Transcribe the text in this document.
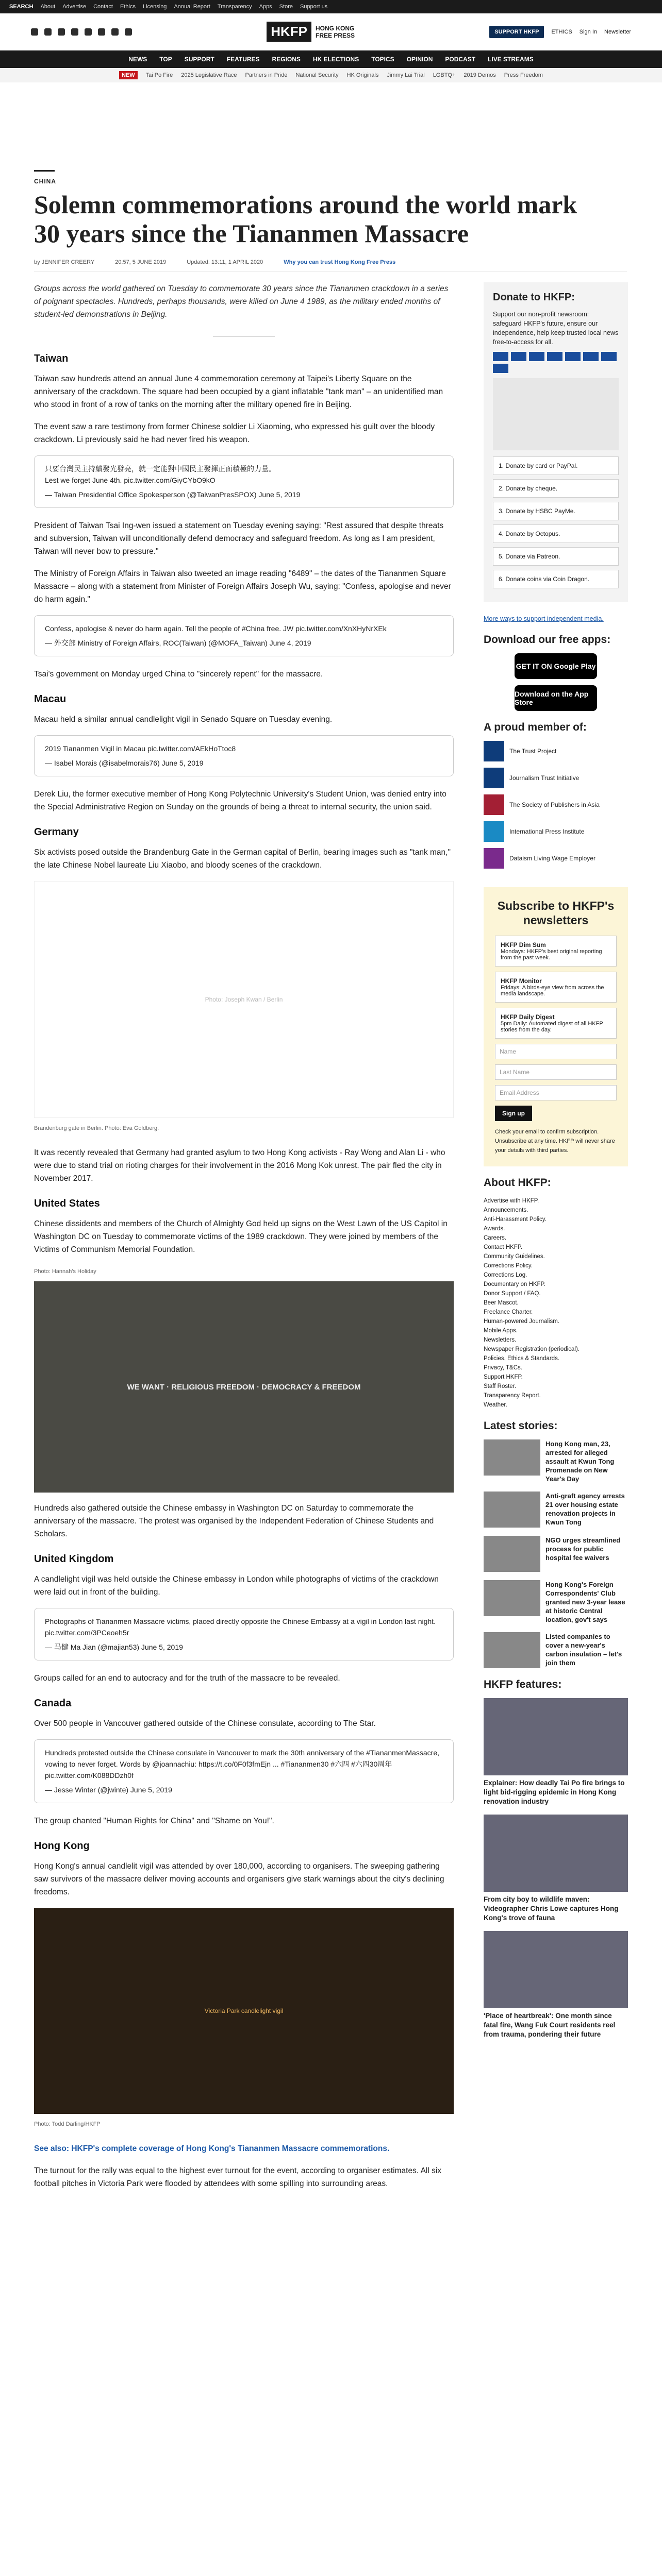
SEARCH About Advertise Contact Ethics Licensing Annual Report Transparency Apps Store Support us
HKFP	HONG KONG
FREE PRESS	SUPPORT HKFP	ETHICS Sign In Newsletter
NEWS TOP SUPPORT FEATURES REGIONS HK ELECTIONS TOPICS OPINION PODCAST LIVE STREAMS
NEW	Tai Po Fire 2025 Legislative Race Partners in Pride National Security HK Originals Jimmy Lai Trial LGBTQ+ 2019 Demos Press Freedom
CHINA
Solemn commemorations around the world mark 30 years since the Tiananmen Massacre
by JENNIFER CREERY	20:57, 5 JUNE 2019	Updated: 13:11, 1 APRIL 2020	Why you can trust Hong Kong Free Press

Groups across the world gathered on Tuesday to commemorate 30 years since the Tiananmen crackdown in a series of poignant spectacles. Hundreds, perhaps thousands, were killed on June 4 1989, as the military ended months of student-led demonstrations in Beijing.

Taiwan

Taiwan saw hundreds attend an annual June 4 commemoration ceremony at Taipei's Liberty Square on the anniversary of the crackdown. The square had been occupied by a giant inflatable "tank man" – an unidentified man who stood in front of a row of tanks on the morning after the military opened fire in Beijing.

The event saw a rare testimony from former Chinese soldier Li Xiaoming, who expressed his guilt over the bloody crackdown. Li previously said he had never fired his weapon.

只要台灣民主持續發光發亮，就一定能對中國民主發揮正面積極的力量。
Lest we forget June 4th. pic.twitter.com/GiyCYbO9kO
— Taiwan Presidential Office Spokesperson (@TaiwanPresSPOX) June 5, 2019

President of Taiwan Tsai Ing-wen issued a statement on Tuesday evening saying: "Rest assured that despite threats and subversion, Taiwan will unconditionally defend democracy and safeguard freedom. As long as I am president, Taiwan will never bow to pressure."

The Ministry of Foreign Affairs in Taiwan also tweeted an image reading "6489" – the dates of the Tiananmen Square Massacre – along with a statement from Minister of Foreign Affairs Joseph Wu, saying: "Confess, apologise and never do harm again."

Confess, apologise & never do harm again. Tell the people of #China free. JW pic.twitter.com/XnXHyNrXEk
— 外交部 Ministry of Foreign Affairs, ROC(Taiwan) (@MOFA_Taiwan) June 4, 2019

Tsai's government on Monday urged China to "sincerely repent" for the massacre.

Macau

Macau held a similar annual candlelight vigil in Senado Square on Tuesday evening.

2019 Tiananmen Vigil in Macau pic.twitter.com/AEkHoTtoc8
— Isabel Morais (@isabelmorais76) June 5, 2019

Derek Liu, the former executive member of Hong Kong Polytechnic University's Student Union, was denied entry into the Special Administrative Region on Sunday on the grounds of being a threat to internal security, the union said.

Germany

Six activists posed outside the Brandenburg Gate in the German capital of Berlin, bearing images such as "tank man," the late Chinese Nobel laureate Liu Xiaobo, and bloody scenes of the crackdown.

Photo: Joseph Kwan / Berlin
Brandenburg gate in Berlin. Photo: Eva Goldberg.

It was recently revealed that Germany had granted asylum to two Hong Kong activists - Ray Wong and Alan Li - who were due to stand trial on rioting charges for their involvement in the 2016 Mong Kok unrest. The pair fled the city in November 2017.

United States

Chinese dissidents and members of the Church of Almighty God held up signs on the West Lawn of the US Capitol in Washington DC on Tuesday to commemorate victims of the 1989 crackdown. They were joined by members of the Victims of Communism Memorial Foundation.

Photo: Hannah's Holiday
WE WANT · RELIGIOUS FREEDOM · DEMOCRACY & FREEDOM

Hundreds also gathered outside the Chinese embassy in Washington DC on Saturday to commemorate the anniversary of the massacre. The protest was organised by the Independent Federation of Chinese Students and Scholars.

United Kingdom

A candlelight vigil was held outside the Chinese embassy in London while photographs of victims of the crackdown were laid out in front of the building.

Photographs of Tiananmen Massacre victims, placed directly opposite the Chinese Embassy at a vigil in London last night. pic.twitter.com/3PCeoeh5r
— 马健 Ma Jian (@majian53) June 5, 2019

Groups called for an end to autocracy and for the truth of the massacre to be revealed.

Canada

Over 500 people in Vancouver gathered outside of the Chinese consulate, according to The Star.

Hundreds protested outside the Chinese consulate in Vancouver to mark the 30th anniversary of the #TiananmenMassacre, vowing to never forget. Words by @joannachiu: https://t.co/0F0f3fmEjn ... #Tiananmen30 #六四 #六四30周年 pic.twitter.com/K088DDzh0f
— Jesse Winter (@jwinte) June 5, 2019

The group chanted "Human Rights for China" and "Shame on You!".

Hong Kong

Hong Kong's annual candlelit vigil was attended by over 180,000, according to organisers. The sweeping gathering saw survivors of the massacre deliver moving accounts and organisers give stark warnings about the city's declining freedoms.

Victoria Park candlelight vigil
Photo: Todd Darling/HKFP

See also: HKFP's complete coverage of Hong Kong's Tiananmen Massacre commemorations.

The turnout for the rally was equal to the highest ever turnout for the event, according to organiser estimates. All six football pitches in Victoria Park were flooded by attendees with some spilling into surrounding areas.

Donate to HKFP:

Support our non-profit newsroom: safeguard HKFP's future, ensure our independence, help keep trusted local news free-to-access for all.

1. Donate by card or PayPal.
2. Donate by cheque.
3. Donate by HSBC PayMe.
4. Donate by Octopus.
5. Donate via Patreon.
6. Donate coins via Coin Dragon.

More ways to support independent media.

Download our free apps:
GET IT ON Google Play
Download on the App Store
A proud member of:
The Trust Project
Journalism Trust Initiative
The Society of Publishers in Asia
International Press Institute
Dataism Living Wage Employer
Subscribe to HKFP's newsletters
HKFP Dim Sum
Mondays: HKFP's best original reporting from the past week.
HKFP Monitor
Fridays: A birds-eye view from across the media landscape.
HKFP Daily Digest
5pm Daily: Automated digest of all HKFP stories from the day.
Name
Last Name
Email Address
Sign up

Check your email to confirm subscription. Unsubscribe at any time. HKFP will never share your details with third parties.

About HKFP:
Advertise with HKFP.
Announcements.
Anti-Harassment Policy.
Awards.
Careers.
Contact HKFP.
Community Guidelines.
Corrections Policy.
Corrections Log.
Documentary on HKFP.
Donor Support / FAQ.
Beer Mascot.
Freelance Charter.
Human-powered Journalism.
Mobile Apps.
Newsletters.
Newspaper Registration (periodical).
Policies, Ethics & Standards.
Privacy, T&Cs.
Support HKFP.
Staff Roster.
Transparency Report.
Weather.
Latest stories:
Hong Kong man, 23, arrested for alleged assault at Kwun Tong Promenade on New Year's Day
Anti-graft agency arrests 21 over housing estate renovation projects in Kwun Tong
NGO urges streamlined process for public hospital fee waivers
Hong Kong's Foreign Correspondents' Club granted new 3-year lease at historic Central location, gov't says
Listed companies to cover a new-year's carbon insulation – let's join them
HKFP features:
Explainer: How deadly Tai Po fire brings to light bid-rigging epidemic in Hong Kong renovation industry
From city boy to wildlife maven: Videographer Chris Lowe captures Hong Kong's trove of fauna
'Place of heartbreak': One month since fatal fire, Wang Fuk Court residents reel from trauma, pondering their future
